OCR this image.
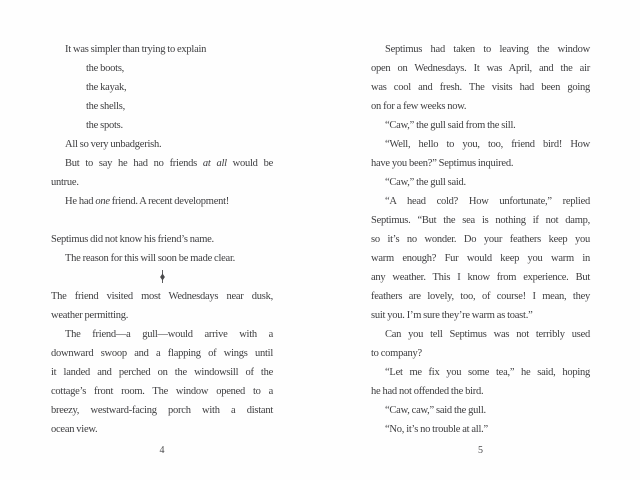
It was simpler than trying to explain
the boots,
the kayak,
the shells,
the spots.
All so very unbadgerish.
But to say he had no friends at all would be
untrue.
He had one friend. A recent development!
Septimus did not know his friend’s name.
The reason for this will soon be made clear.
The friend visited most Wednesdays near dusk,
weather permitting.
The friend—a gull—would arrive with a
downward swoop and a flapping of wings until
it landed and perched on the windowsill of the
cottage’s front room. The window opened to a
breezy, westward-facing porch with a distant
ocean view.
Septimus had taken to leaving the window
open on Wednesdays. It was April, and the air
was cool and fresh. The visits had been going
on for a few weeks now.
“Caw,” the gull said from the sill.
“Well, hello to you, too, friend bird! How
have you been?” Septimus inquired.
“Caw,” the gull said.
“A head cold? How unfortunate,” replied
Septimus. “But the sea is nothing if not damp,
so it’s no wonder. Do your feathers keep you
warm enough? Fur would keep you warm in
any weather. This I know from experience. But
feathers are lovely, too, of course! I mean, they
suit you. I’m sure they’re warm as toast.”
Can you tell Septimus was not terribly used
to company?
“Let me fix you some tea,” he said, hoping
he had not offended the bird.
“Caw, caw,” said the gull.
“No, it’s no trouble at all.”
4	5
